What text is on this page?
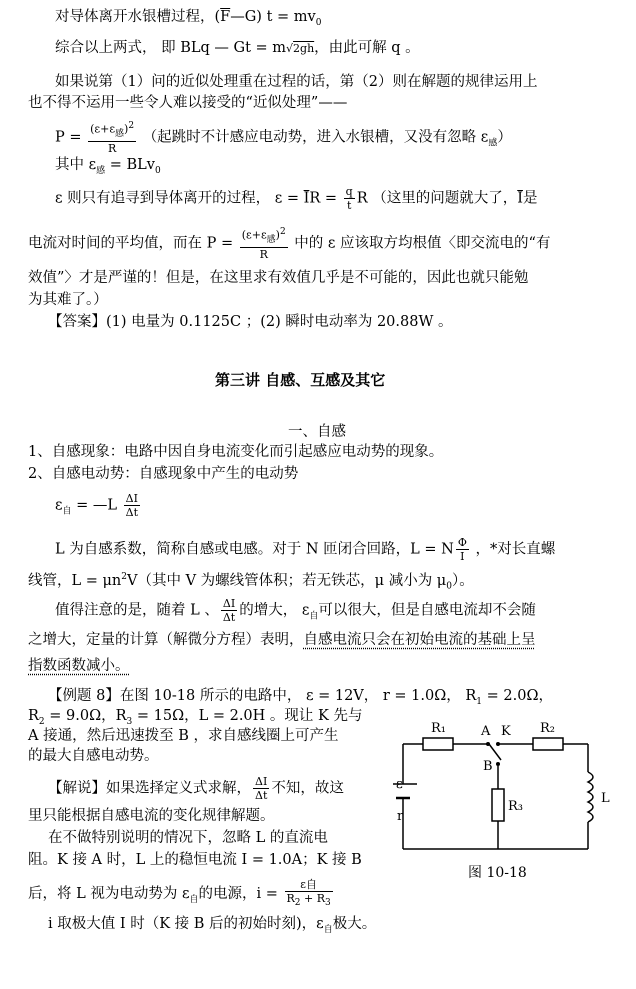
对导体离开水银槽过程，$(\overline{F}—G) t = mv_0$
综合以上两式， 即 BLq — Gt = m√2gh，由此可解 q 。
如果说第（1）问的近似处理重在过程的话，第（2）则在解题的规律运用上
也不得不运用一些令人难以接受的“近似处理”——
P =
$(\varepsilon+\varepsilon_感)^2$
R
（起跳时不计感应电动势，进入水银槽，又没有忽略 $\varepsilon_感$）
其中 $\varepsilon_感 = BLv_0$
ε 则只有追寻到导体离开的过程， $\varepsilon = \overline{I}R = \frac{q}{t}$ R （这里的问题就大了，$\overline{I}$是
电流对时间的平均值，而在 P =
$(\varepsilon+\varepsilon_感)^2$
R
中的 ε 应该取方均根值〈即交流电的“有
效值”〉才是严谨的！但是，在这里求有效值几乎是不可能的，因此也就只能勉
为其难了。）
【答案】(1) 电量为 0.1125C ；(2) 瞬时电动率为 20.88W 。
第三讲 自感、互感及其它
一、自感
1、自感现象：电路中因自身电流变化而引起感应电动势的现象。
2、自感电动势：自感现象中产生的电动势
$\varepsilon_自$ = —L $\frac{\Delta I}{\Delta t}$
L 为自感系数，简称自感或电感。对于 N 匝闭合回路，L = N $\frac{\Phi}{I}$ ，*对长直螺
线管，$L = \mu n^2V$（其中 V 为螺线管体积；若无铁芯，μ 减小为 $\mu_0$）。
值得注意的是，随着 L 、 $\frac{\Delta I}{\Delta t}$ 的增大， $\varepsilon_自$可以很大，但是自感电流却不会随
之增大，定量的计算（解微分方程）表明，自感电流只会在初始电流的基础上呈
指数函数减小。
【例题 8】在图 10-18 所示的电路中， ε = 12V， r = 1.0Ω， $R_1 = 2.0\Omega$，
$R_2 = 9.0\Omega$，$R_3 = 15\Omega$，L = 2.0H 。现让 K 先与
A 接通，然后迅速拨至 B ，求自感线圈上可产生
的最大自感电动势。
【解说】如果选择定义式求解， $\frac{\Delta I}{\Delta t}$ 不知，故这
里只能根据自感电流的变化规律解题。
在不做特别说明的情况下，忽略 L 的直流电
阻。K 接 A 时，L 上的稳恒电流 I = 1.0A；K 接 B
后，将 L 视为电动势为 $\varepsilon_自$的电源，i =
ε自
$R_2 + R_3$
i 取极大值 I 时（K 接 B 后的初始时刻)，$\varepsilon_自$极大。
R₁	R₂
A K
B
R₃
ε
r
L
图 10-18
